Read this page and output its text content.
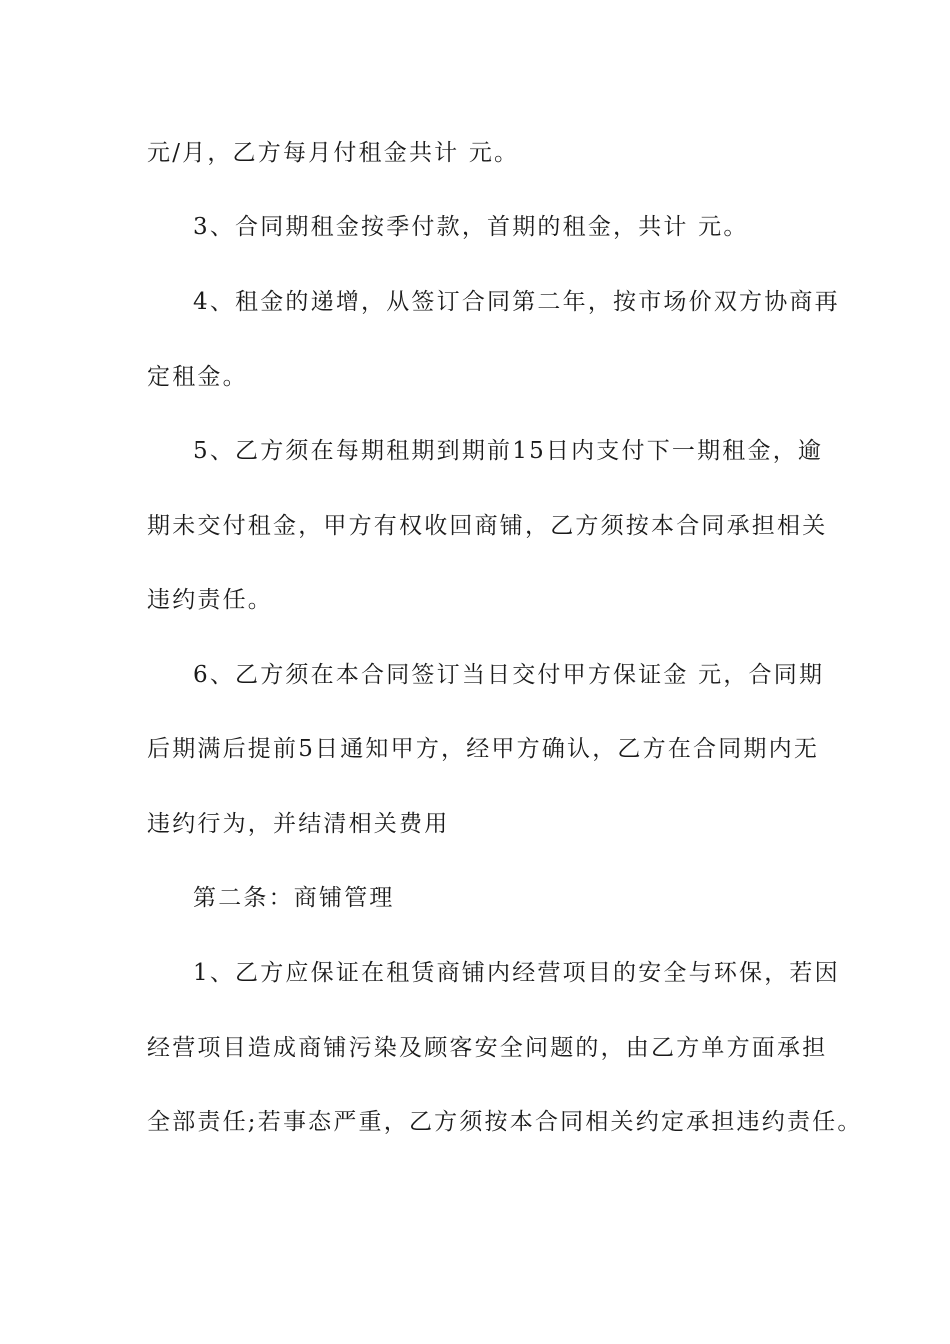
元/月，乙方每月付租金共计 元。
3、合同期租金按季付款，首期的租金，共计 元。
4、租金的递增，从签订合同第二年，按市场价双方协商再
定租金。
5、乙方须在每期租期到期前15日内支付下一期租金，逾
期未交付租金，甲方有权收回商铺，乙方须按本合同承担相关
违约责任。
6、乙方须在本合同签订当日交付甲方保证金 元，合同期
后期满后提前5日通知甲方，经甲方确认，乙方在合同期内无
违约行为，并结清相关费用
第二条：商铺管理
1、乙方应保证在租赁商铺内经营项目的安全与环保，若因
经营项目造成商铺污染及顾客安全问题的，由乙方单方面承担
全部责任;若事态严重，乙方须按本合同相关约定承担违约责任。
